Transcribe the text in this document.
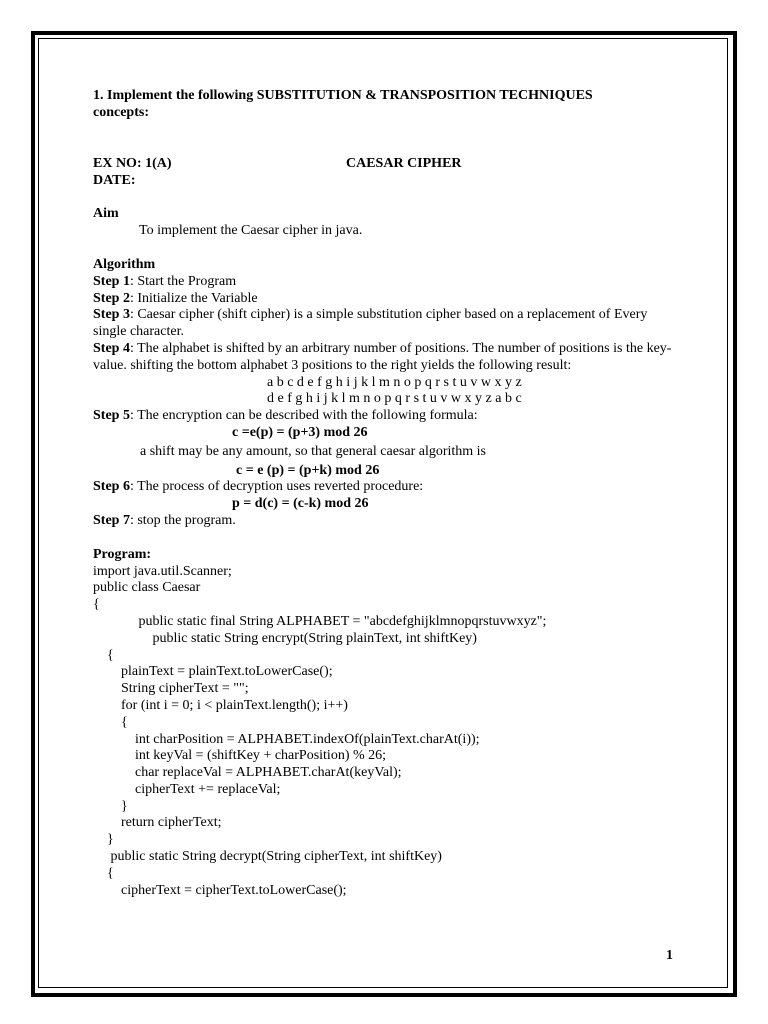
1. Implement the following SUBSTITUTION & TRANSPOSITION TECHNIQUES
concepts:
EX NO: 1(A)	CAESAR CIPHER
DATE:
Aim
To implement the Caesar cipher in java.
Algorithm
Step 1: Start the Program
Step 2: Initialize the Variable
Step 3: Caesar cipher (shift cipher) is a simple substitution cipher based on a replacement of Every single character.
Step 4: The alphabet is shifted by an arbitrary number of positions. The number of positions is the key-value. shifting the bottom alphabet 3 positions to the right yields the following result:
a b c d e f g h i j k l m n o p q r s t u v w x y z
d e f g h i j k l m n o p q r s t u v w x y z a b c
Step 5: The encryption can be described with the following formula:
c =e(p) = (p+3) mod 26
a shift may be any amount, so that general caesar algorithm is
c = e (p) = (p+k) mod 26
Step 6: The process of decryption uses reverted procedure:
p = d(c) = (c-k) mod 26
Step 7: stop the program.
Program:
import java.util.Scanner;
public class Caesar
{
public static final String ALPHABET = "abcdefghijklmnopqrstuvwxyz";
public static String encrypt(String plainText, int shiftKey)
{
plainText = plainText.toLowerCase();
String cipherText = "";
for (int i = 0; i < plainText.length(); i++)
{
int charPosition = ALPHABET.indexOf(plainText.charAt(i));
int keyVal = (shiftKey + charPosition) % 26;
char replaceVal = ALPHABET.charAt(keyVal);
cipherText += replaceVal;
}
return cipherText;
}
public static String decrypt(String cipherText, int shiftKey)
{
cipherText = cipherText.toLowerCase();
1
